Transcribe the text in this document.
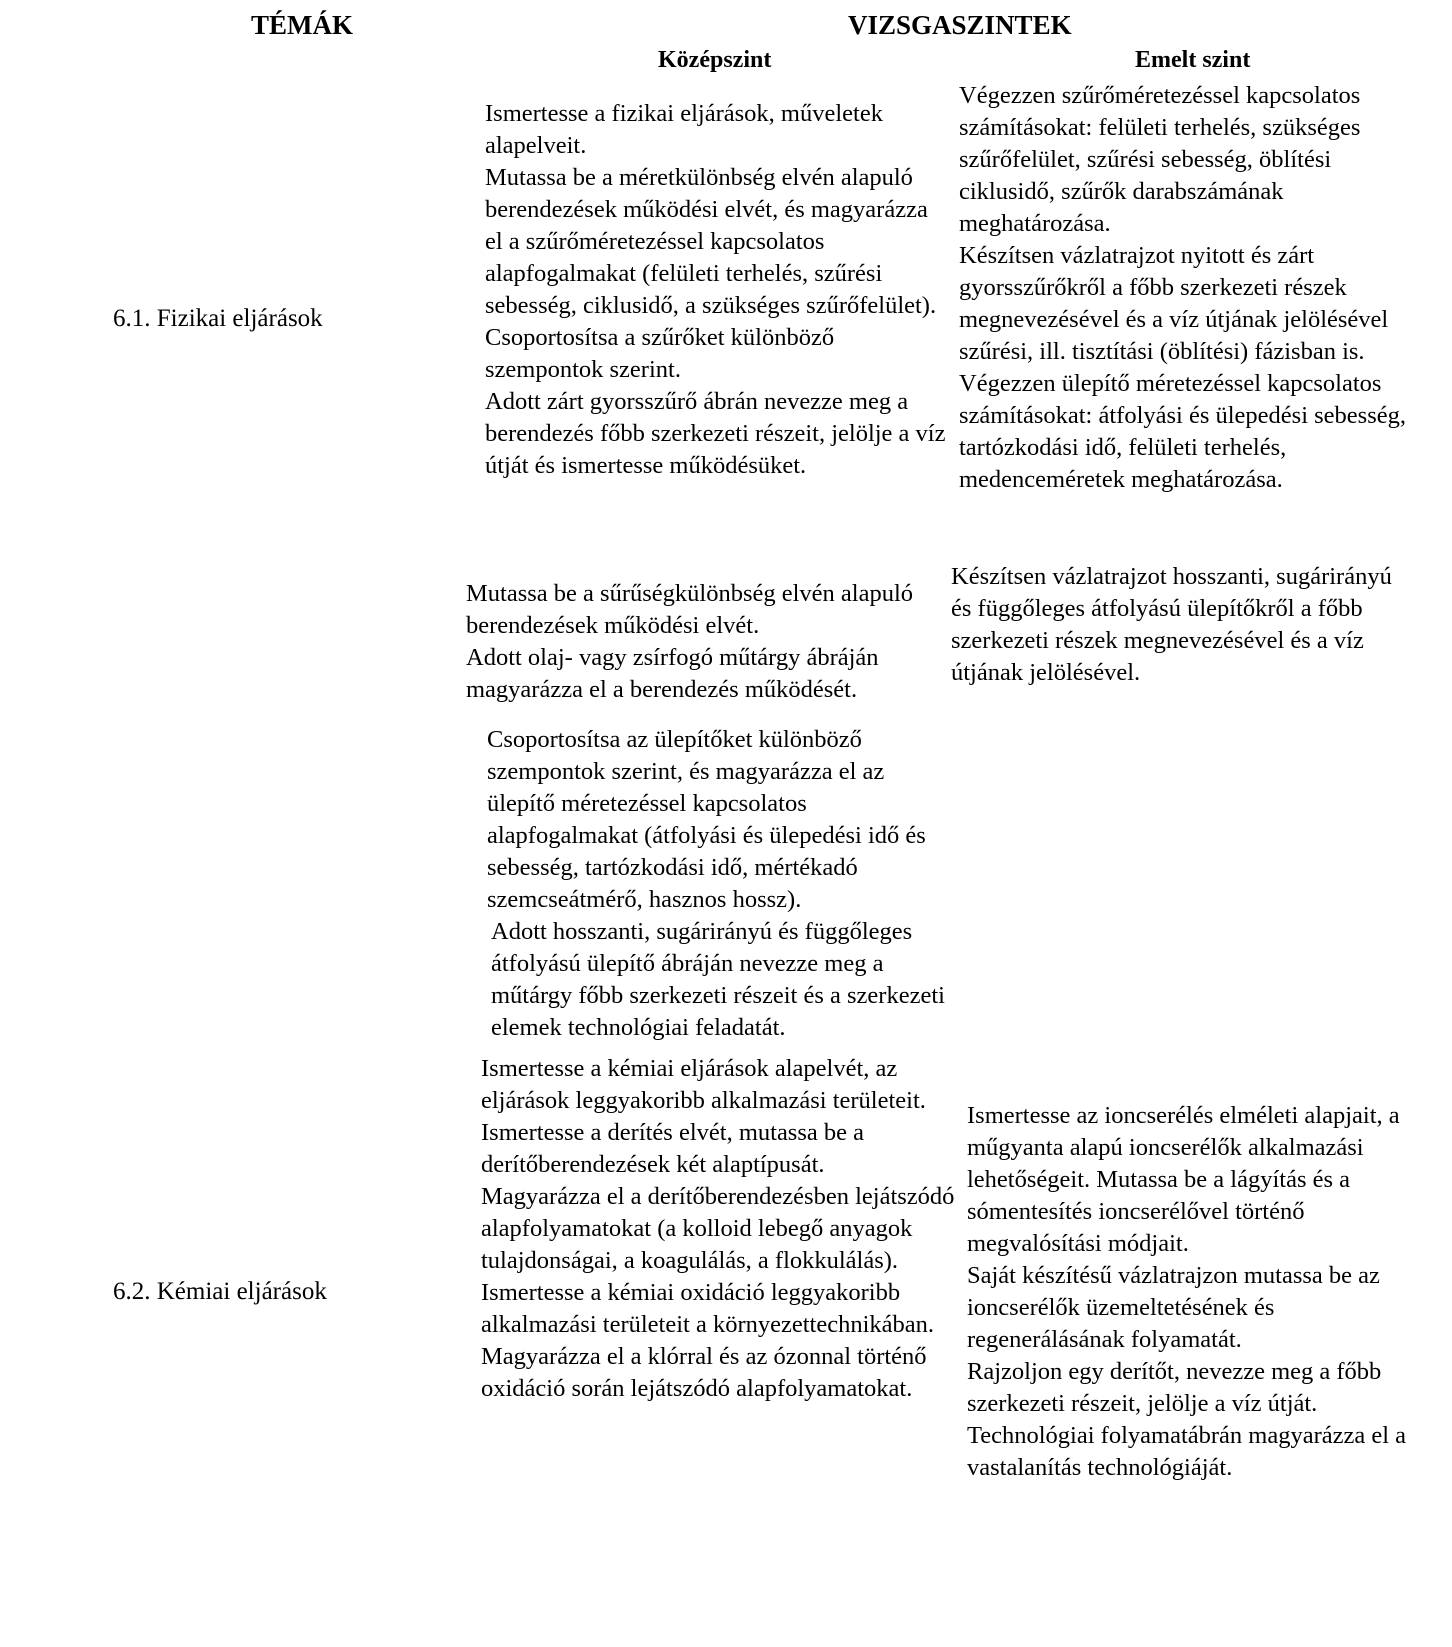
TÉMÁK	VIZSGASZINTEK
Középszint	Emelt szint
6.1. Fizikai eljárások
6.2. Kémiai eljárások

Ismertesse a fizikai eljárások, műveletek alapelveit.

Mutassa be a méretkülönbség elvén alapuló berendezések működési elvét, és magyarázza el a szűrőméretezéssel kapcsolatos alapfogalmakat (felületi terhelés, szűrési sebesség, ciklusidő, a szükséges szűrőfelület).

Csoportosítsa a szűrőket különböző szempontok szerint.

Adott zárt gyorsszűrő ábrán nevezze meg a berendezés főbb szerkezeti részeit, jelölje a víz útját és ismertesse működésüket.

Mutassa be a sűrűségkülönbség elvén alapuló berendezések működési elvét.

Adott olaj- vagy zsírfogó műtárgy ábráján magyarázza el a berendezés működését.

Csoportosítsa az ülepítőket különböző szempontok szerint, és magyarázza el az ülepítő méretezéssel kapcsolatos alapfogalmakat (átfolyási és ülepedési idő és sebesség, tartózkodási idő, mértékadó szemcseátmérő, hasznos hossz).

Adott hosszanti, sugárirányú és függőleges átfolyású ülepítő ábráján nevezze meg a műtárgy főbb szerkezeti részeit és a szerkezeti elemek technológiai feladatát.

Ismertesse a kémiai eljárások alapelvét, az eljárások leggyakoribb alkalmazási területeit.

Ismertesse a derítés elvét, mutassa be a derítőberendezések két alaptípusát.

Magyarázza el a derítőberendezésben lejátszódó alapfolyamatokat (a kolloid lebegő anyagok tulajdonságai, a koagulálás, a flokkulálás).

Ismertesse a kémiai oxidáció leggyakoribb alkalmazási területeit a környezettechnikában.

Magyarázza el a klórral és az ózonnal történő oxidáció során lejátszódó alapfolyamatokat.

Végezzen szűrőméretezéssel kapcsolatos számításokat: felületi terhelés, szükséges szűrőfelület, szűrési sebesség, öblítési ciklusidő, szűrők darabszámának meghatározása.

Készítsen vázlatrajzot nyitott és zárt gyorsszűrőkről a főbb szerkezeti részek megnevezésével és a víz útjának jelölésével szűrési, ill. tisztítási (öblítési) fázisban is.

Végezzen ülepítő méretezéssel kapcsolatos számításokat: átfolyási és ülepedési sebesség, tartózkodási idő, felületi terhelés, medenceméretek meghatározása.

Készítsen vázlatrajzot hosszanti, sugárirányú és függőleges átfolyású ülepítőkről a főbb szerkezeti részek megnevezésével és a víz útjának jelölésével.

Ismertesse az ioncserélés elméleti alapjait, a műgyanta alapú ioncserélők alkalmazási lehetőségeit. Mutassa be a lágyítás és a sómentesítés ioncserélővel történő megvalósítási módjait.

Saját készítésű vázlatrajzon mutassa be az ioncserélők üzemeltetésének és regenerálásának folyamatát.

Rajzoljon egy derítőt, nevezze meg a főbb szerkezeti részeit, jelölje a víz útját.

Technológiai folyamatábrán magyarázza el a vastalanítás technológiáját.
